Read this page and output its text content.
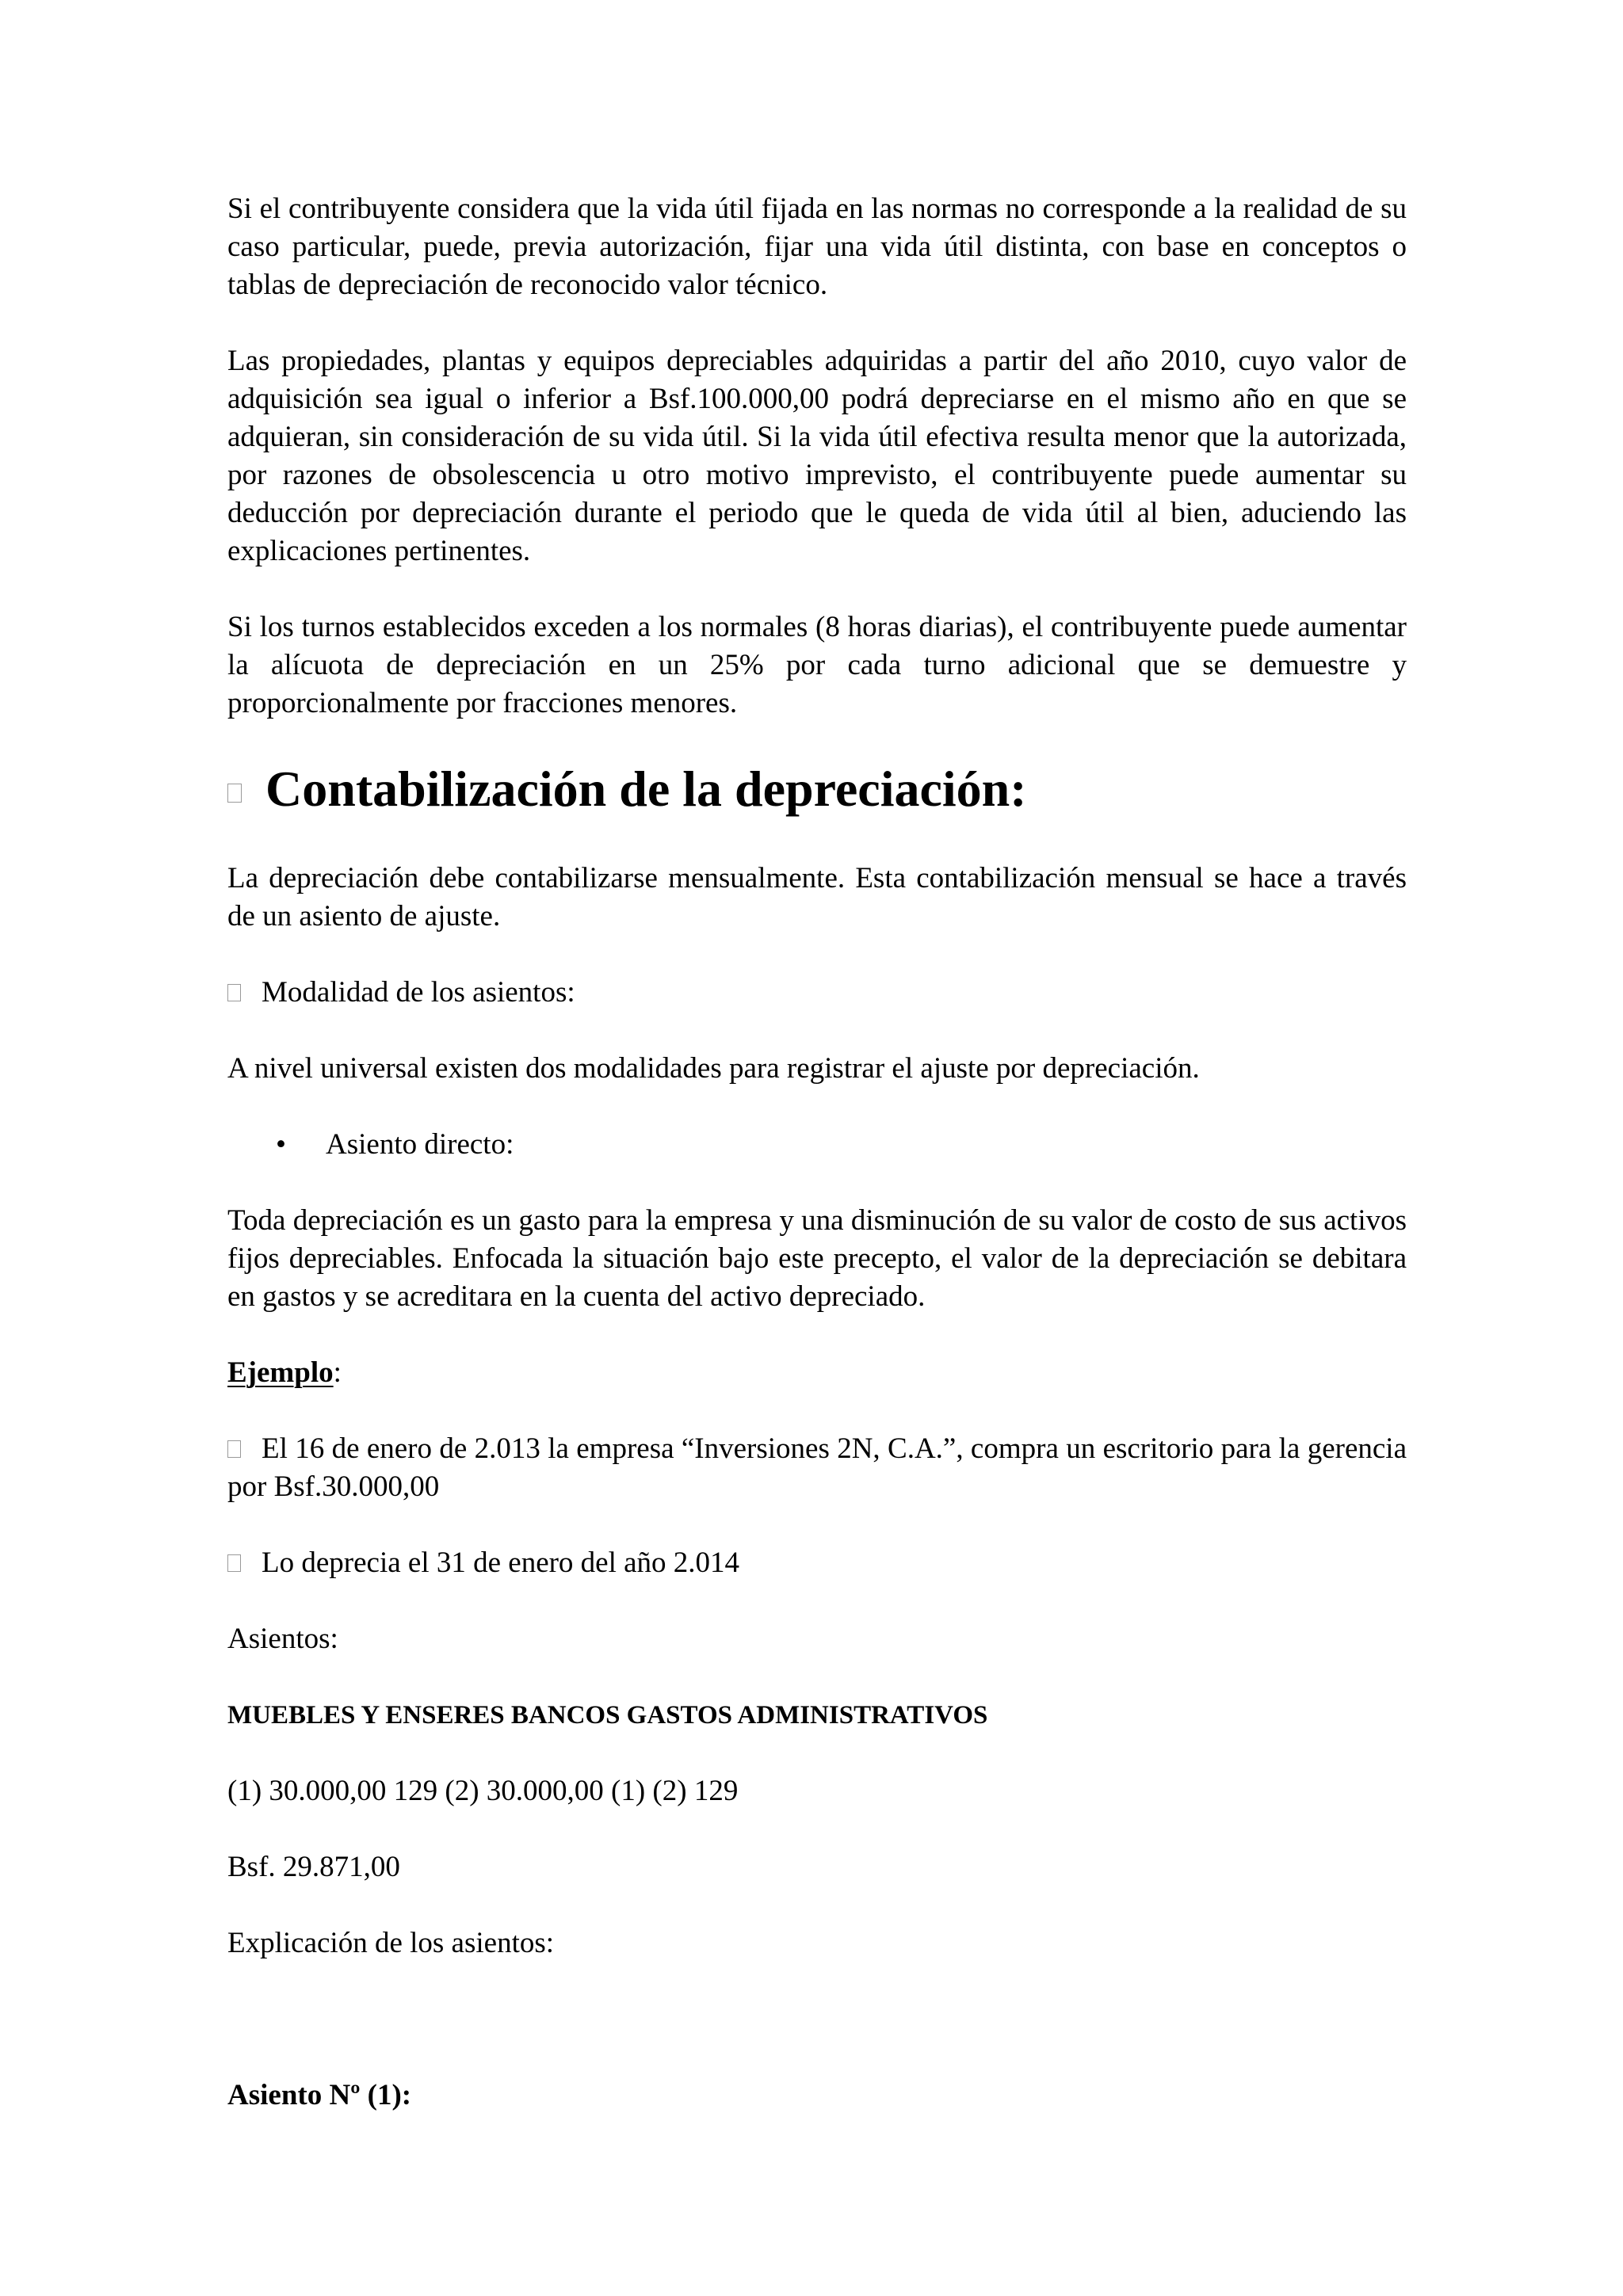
Si el contribuyente considera que la vida útil fijada en las normas no corresponde a la realidad de su caso particular, puede, previa autorización, fijar una vida útil distinta, con base en conceptos o tablas de depreciación de reconocido valor técnico.

Las propiedades, plantas y equipos depreciables adquiridas a partir del año 2010, cuyo valor de adquisición sea igual o inferior a Bsf.100.000,00 podrá depreciarse en el mismo año en que se adquieran, sin consideración de su vida útil. Si la vida útil efectiva resulta menor que la autorizada, por razones de obsolescencia u otro motivo imprevisto, el contribuyente puede aumentar su deducción por depreciación durante el periodo que le queda de vida útil al bien, aduciendo las explicaciones pertinentes.

Si los turnos establecidos exceden a los normales (8 horas diarias), el contribuyente puede aumentar la alícuota de depreciación en un 25% por cada turno adicional que se demuestre y proporcionalmente por fracciones menores.

Contabilización de la depreciación:

La depreciación debe contabilizarse mensualmente. Esta contabilización mensual se hace a través de un asiento de ajuste.

Modalidad de los asientos:

A nivel universal existen dos modalidades para registrar el ajuste por depreciación.

• Asiento directo:

Toda depreciación es un gasto para la empresa y una disminución de su valor de costo de sus activos fijos depreciables. Enfocada la situación bajo este precepto, el valor de la depreciación se debitara en gastos y se acreditara en la cuenta del activo depreciado.

Ejemplo:

El 16 de enero de 2.013 la empresa “Inversiones 2N, C.A.”, compra un escritorio para la gerencia por Bsf.30.000,00

Lo deprecia el 31 de enero del año 2.014

Asientos:

MUEBLES Y ENSERES BANCOS GASTOS ADMINISTRATIVOS

(1) 30.000,00 129 (2) 30.000,00 (1) (2) 129

Bsf. 29.871,00

Explicación de los asientos:

Asiento Nº (1):
